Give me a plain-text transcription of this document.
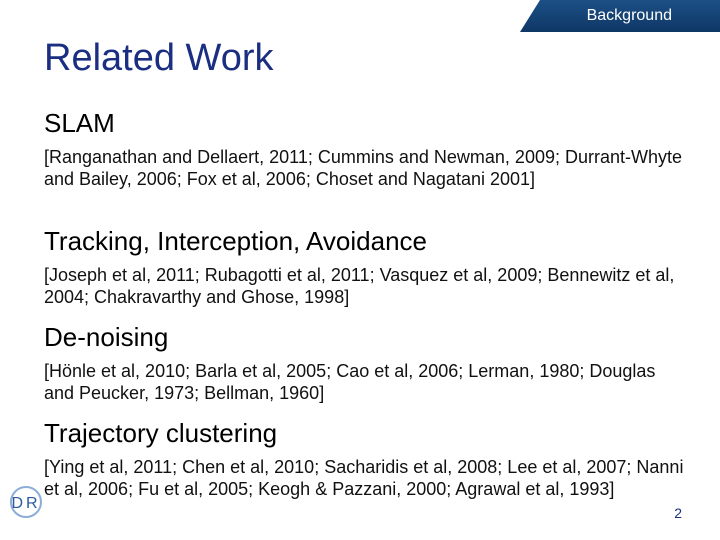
Background
Related Work
SLAM
[Ranganathan and Dellaert, 2011; Cummins and Newman, 2009; Durrant-Whyte and Bailey, 2006; Fox et al, 2006; Choset and Nagatani 2001]
Tracking, Interception, Avoidance
[Joseph et al, 2011; Rubagotti et al, 2011; Vasquez et al, 2009; Bennewitz et al, 2004; Chakravarthy and Ghose, 1998]
De-noising
[Hönle et al, 2010; Barla et al, 2005; Cao et al, 2006; Lerman, 1980; Douglas and Peucker, 1973; Bellman, 1960]
Trajectory clustering
[Ying et al, 2011; Chen et al, 2010; Sacharidis et al, 2008; Lee et al, 2007; Nanni et al, 2006; Fu et al, 2005; Keogh & Pazzani, 2000; Agrawal et al, 1993]
DR
2
